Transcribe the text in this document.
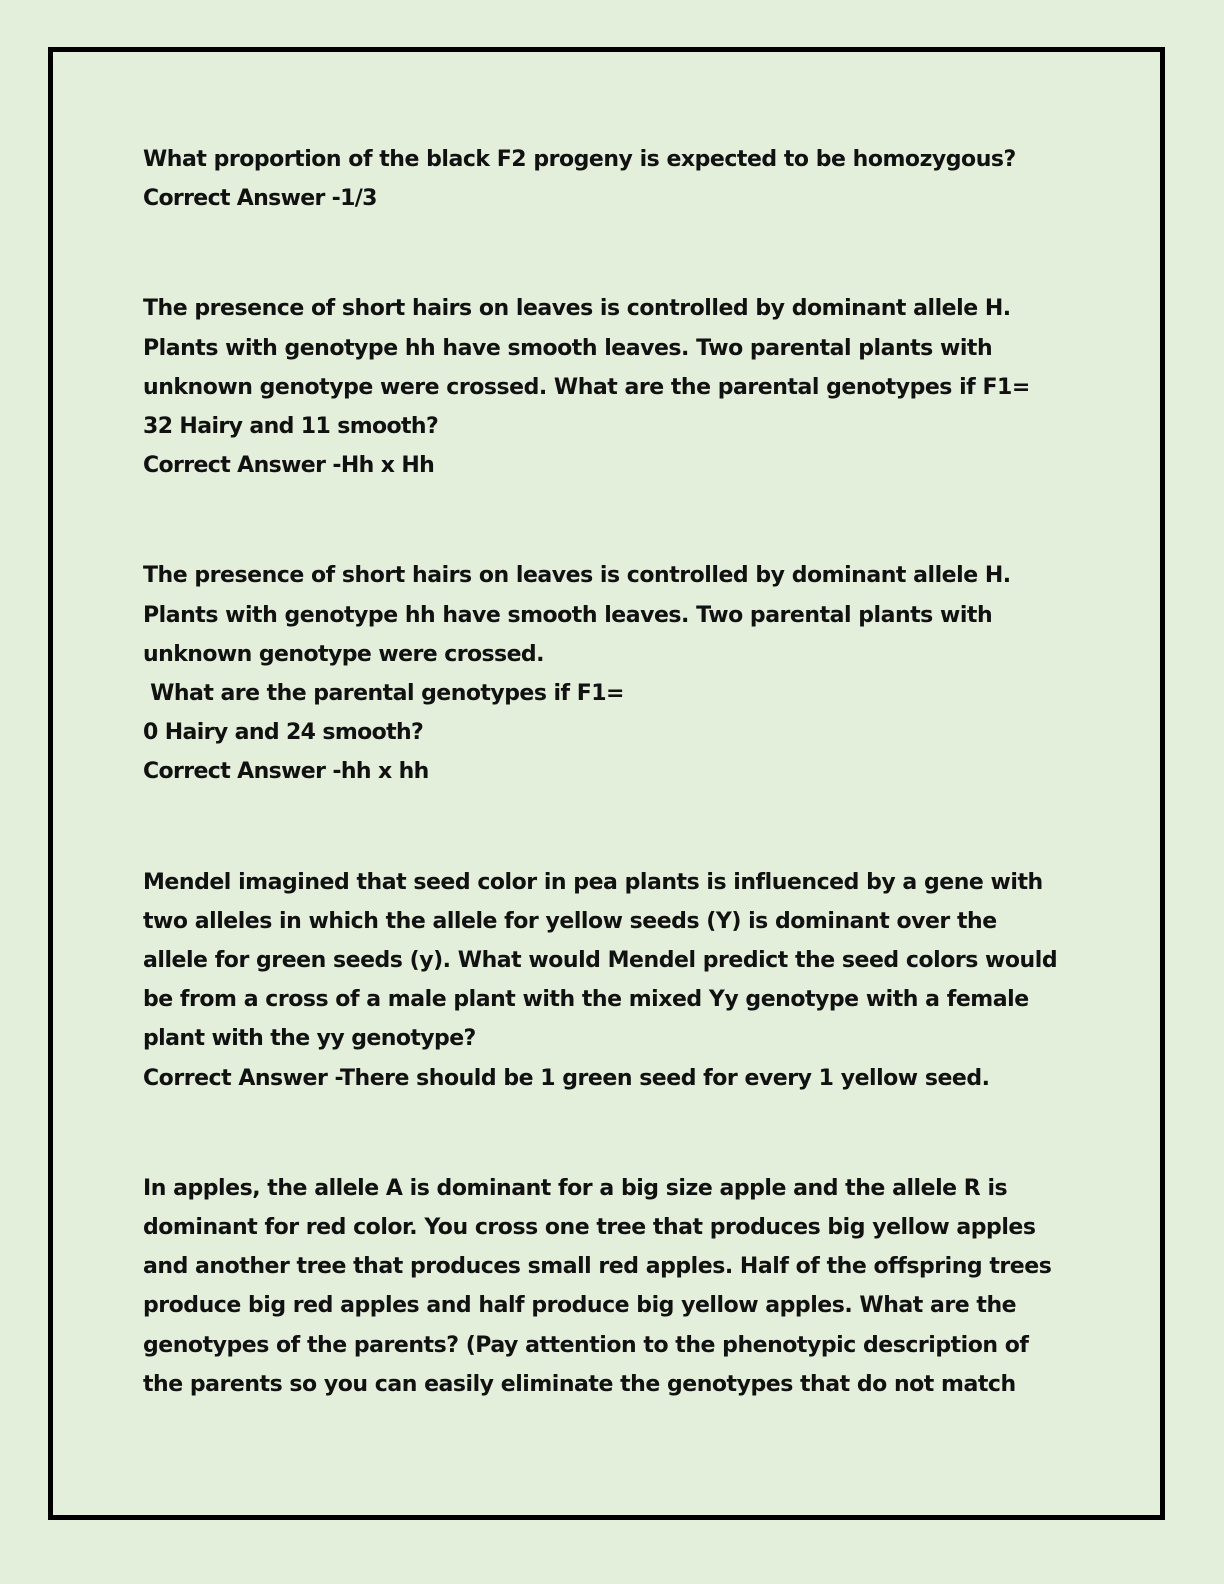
What proportion of the black F2 progeny is expected to be homozygous?
Correct Answer -1/3

The presence of short hairs on leaves is controlled by dominant allele H.
Plants with genotype hh have smooth leaves. Two parental plants with
unknown genotype were crossed. What are the parental genotypes if F1=
32 Hairy and 11 smooth?
Correct Answer -Hh x Hh

The presence of short hairs on leaves is controlled by dominant allele H.
Plants with genotype hh have smooth leaves. Two parental plants with
unknown genotype were crossed.
What are the parental genotypes if F1=
0 Hairy and 24 smooth?
Correct Answer -hh x hh

Mendel imagined that seed color in pea plants is influenced by a gene with
two alleles in which the allele for yellow seeds (Y) is dominant over the
allele for green seeds (y). What would Mendel predict the seed colors would
be from a cross of a male plant with the mixed Yy genotype with a female
plant with the yy genotype?
Correct Answer -There should be 1 green seed for every 1 yellow seed.

In apples, the allele A is dominant for a big size apple and the allele R is
dominant for red color. You cross one tree that produces big yellow apples
and another tree that produces small red apples. Half of the offspring trees
produce big red apples and half produce big yellow apples. What are the
genotypes of the parents? (Pay attention to the phenotypic description of
the parents so you can easily eliminate the genotypes that do not match
